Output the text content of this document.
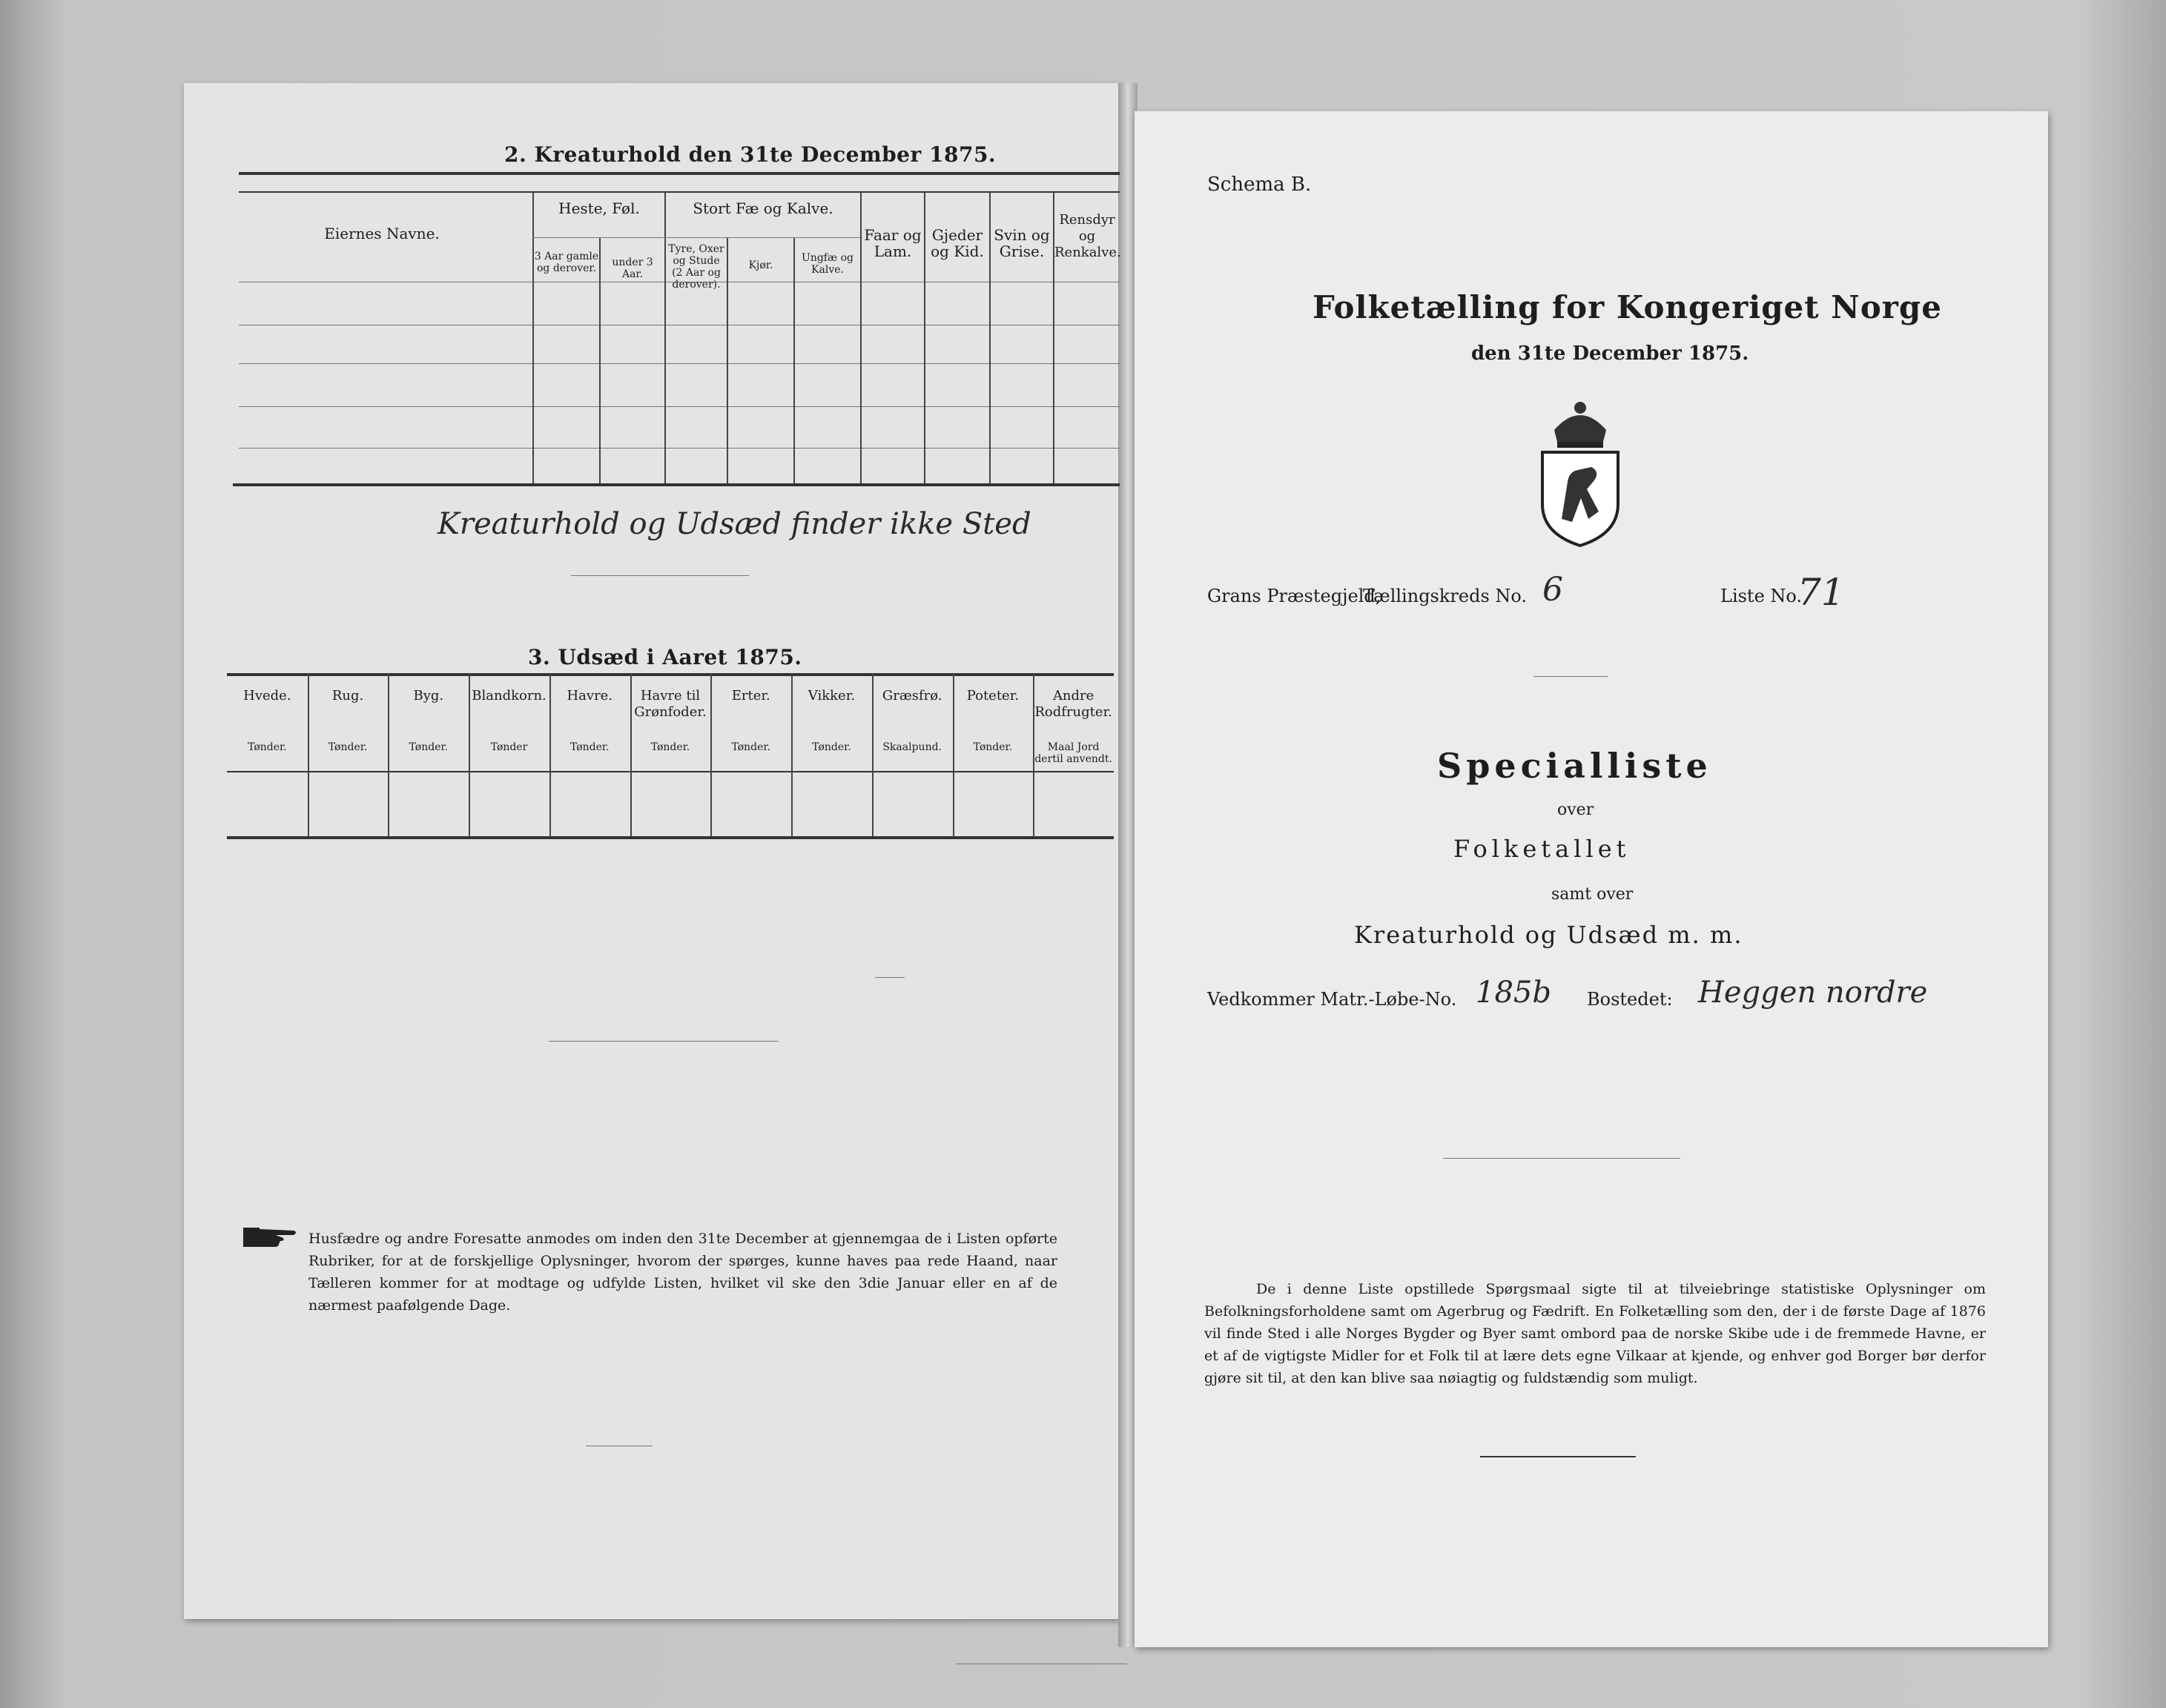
2. Kreaturhold den 31te December 1875.
Eiernes Navne.
Heste, Føl.
3 Aar gamle og derover.	under 3 Aar.
Stort Fæ og Kalve.
Tyre, Oxer og Stude (2 Aar og derover).
Kjør.
Ungfæ og Kalve.
Faar og Lam.
Gjeder og Kid.
Svin og Grise.
Rensdyr og Renkalve.
Kreaturhold og Udsæd finder ikke Sted
3. Udsæd i Aaret 1875.
Hvede.
Tønder.
Rug.
Tønder.
Byg.
Tønder.
Blandkorn.
Tønder
Havre.
Tønder.
Havre til Grønfoder.
Tønder.
Erter.
Tønder.
Vikker.
Tønder.
Græsfrø.
Skaalpund.
Poteter.
Tønder.
Andre Rodfrugter.
Maal Jord dertil anvendt.
Husfædre og andre Foresatte anmodes om inden den 31te December at gjennemgaa de i Listen opførte Rubriker, for at de forskjellige Oplysninger, hvorom der spørges, kunne haves paa rede Haand, naar Tælleren kommer for at modtage og udfylde Listen, hvilket vil ske den 3die Januar eller en af de nærmest paafølgende Dage.
Schema B.
Folketælling for Kongeriget Norge
den 31te December 1875.
Grans Præstegjeld,
Tællingskreds No. 6	Liste No.
71
Specialliste
over
Folketallet
samt over
Kreaturhold og Udsæd m. m.
Vedkommer Matr.-Løbe-No. 185b Bostedet: Heggen nordre
De i denne Liste opstillede Spørgsmaal sigte til at tilveiebringe statistiske Oplysninger om Befolkningsforholdene samt om Agerbrug og Fædrift. En Folketælling som den, der i de første Dage af 1876 vil finde Sted i alle Norges Bygder og Byer samt ombord paa de norske Skibe ude i de fremmede Havne, er et af de vigtigste Midler for et Folk til at lære dets egne Vilkaar at kjende, og enhver god Borger bør derfor gjøre sit til, at den kan blive saa nøiagtig og fuldstændig som muligt.
